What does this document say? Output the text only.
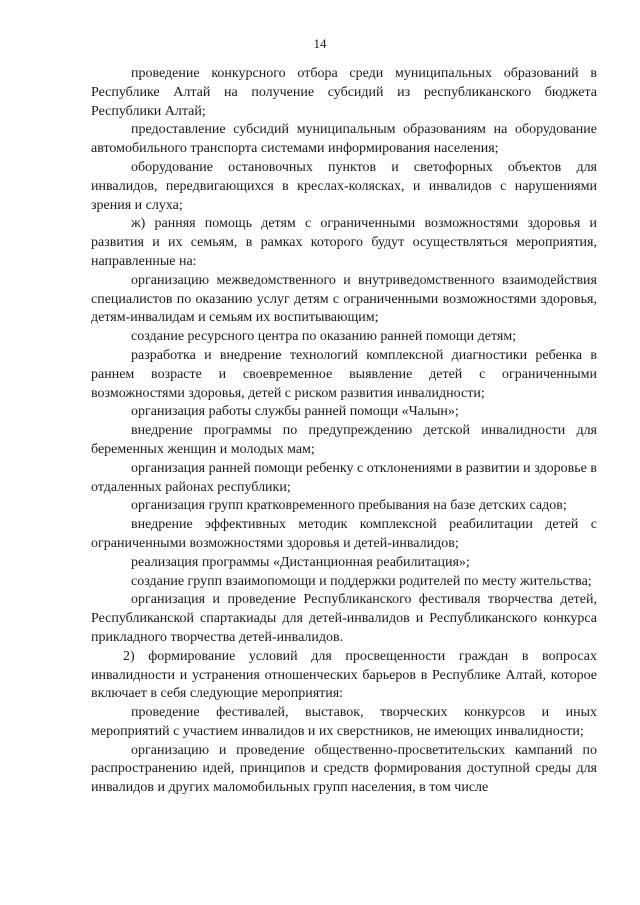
14

проведение конкурсного отбора среди муниципальных образований в Республике Алтай на получение субсидий из республиканского бюджета Республики Алтай;

предоставление субсидий муниципальным образованиям на оборудование автомобильного транспорта системами информирования населения;

оборудование остановочных пунктов и светофорных объектов для инвалидов, передвигающихся в креслах-колясках, и инвалидов с нарушениями зрения и слуха;

ж) ранняя помощь детям с ограниченными возможностями здоровья и развития и их семьям, в рамках которого будут осуществляться мероприятия, направленные на:

организацию межведомственного и внутриведомственного взаимодействия специалистов по оказанию услуг детям с ограниченными возможностями здоровья, детям-инвалидам и семьям их воспитывающим;

создание ресурсного центра по оказанию ранней помощи детям;

разработка и внедрение технологий комплексной диагностики ребенка в раннем возрасте и своевременное выявление детей с ограниченными возможностями здоровья, детей с риском развития инвалидности;

организация работы службы ранней помощи «Чалын»;

внедрение программы по предупреждению детской инвалидности для беременных женщин и молодых мам;

организация ранней помощи ребенку с отклонениями в развитии и здоровье в отдаленных районах республики;

организация групп кратковременного пребывания на базе детских садов;

внедрение эффективных методик комплексной реабилитации детей с ограниченными возможностями здоровья и детей-инвалидов;

реализация программы «Дистанционная реабилитация»;

создание групп взаимопомощи и поддержки родителей по месту жительства;

организация и проведение Республиканского фестиваля творчества детей, Республиканской спартакиады для детей-инвалидов и Республиканского конкурса прикладного творчества детей-инвалидов.

2) формирование условий для просвещенности граждан в вопросах инвалидности и устранения отношенческих барьеров в Республике Алтай, которое включает в себя следующие мероприятия:

проведение фестивалей, выставок, творческих конкурсов и иных мероприятий с участием инвалидов и их сверстников, не имеющих инвалидности;

организацию и проведение общественно-просветительских кампаний по распространению идей, принципов и средств формирования доступной среды для инвалидов и других маломобильных групп населения, в том числе
